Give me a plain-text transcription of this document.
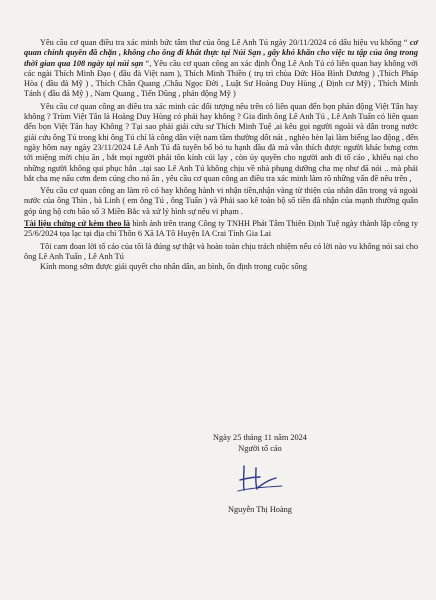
Yêu cầu cơ quan điều tra xác minh bức tâm thư của ông Lê Anh Tú ngày 20/11/2024 có dấu hiệu vu khống “ cơ quan chính quyền đã chặn , không cho ông đi khất thực tại Núi Sạn , gây khó khăn cho việc tu tập của ông trong thời gian qua 108 ngày tại núi sạn “, Yêu cầu cơ quan công an xác định Ông Lê Anh Tú có liên quan hay không với các ngài Thích Minh Đạo ( đầu đà Việt nam ), Thích Minh Thiền ( trụ trì chùa Đức Hòa Bình Dương ) ,Thích Pháp Hòa ( đầu đà Mỹ ) , Thích Chân Quang ,Châu Ngọc Đời , Luật Sư Hoàng Duy Hùng ,( Định cư Mỹ) , Thích Minh Tánh ( đầu đà Mỹ ) , Nam Quang , Tiến Dũng , phản động Mỹ )

Yêu cầu cơ quan công an điều tra xác minh các đối tượng nêu trên có liên quan đến bọn phản động Việt Tân hay không ? Trùm Việt Tân là Hoàng Duy Hùng có phải hay không ? Gia đình ông Lê Anh Tú , Lê Anh Tuấn có liên quan đến bọn Việt Tân hay Không ? Tại sao phải giải cứu sư Thích Minh Tuệ ,ai kêu gọi người ngoài và dân trong nước giải cứu ông Tú trong khi ông Tú chỉ là công dân việt nam tầm thường dốt nát , nghèo hèn lại làm biếng lao động , đến ngày hôm nay ngày 23/11/2024 Lê Anh Tú đã tuyên bố bỏ tu hạnh đầu đà mà vẫn thích được người khác bưng cơm tới miệng mời chịu ăn , bắt mọi người phải tôn kính cúi lạy , còn ủy quyền cho người anh đi tố cáo , khiếu nại cho những người không qui phục hắn ..tại sao Lê Anh Tú không chịu về nhà phụng dưỡng cha mẹ như đã nói .. mà phải bắt cha mẹ nấu cơm đem cúng cho nó ăn , yêu cầu cơ quan công an điều tra xác minh làm rõ những vấn đề nêu trên ,

Yêu cầu cơ quan công an làm rõ có hay không hành vi nhận tiền,nhận vàng từ thiện của nhân dân trong và ngoài nước của ông Thìn , bà Linh ( em ông Tú , ông Tuấn ) và Phái sao kê toàn bộ số tiền đã nhận của mạnh thường quân góp ủng hộ cơn bão số 3 Miền Bắc và xử lý hình sự nếu vi phạm .

Tài liệu chứng cứ kèm theo là hình ảnh trên trang Công ty TNHH Phát Tâm Thiên Định Tuệ ngày thành lập công ty 25/6/2024 tọa lạc tại địa chỉ Thôn 6 Xã IA Tô Huyện IA Crai Tỉnh Gia Lai

Tôi cam đoan lời tố cáo của tôi là đúng sự thật và hoàn toàn chịu trách nhiệm nếu có lời nào vu khống nói sai cho ông Lê Anh Tuấn , Lê Anh Tú

Kính mong sớm được giải quyết cho nhân dân, an bình, ổn định trong cuộc sống

Ngày 25 tháng 11 năm 2024
Người tố cáo
Nguyễn Thị Hoàng
